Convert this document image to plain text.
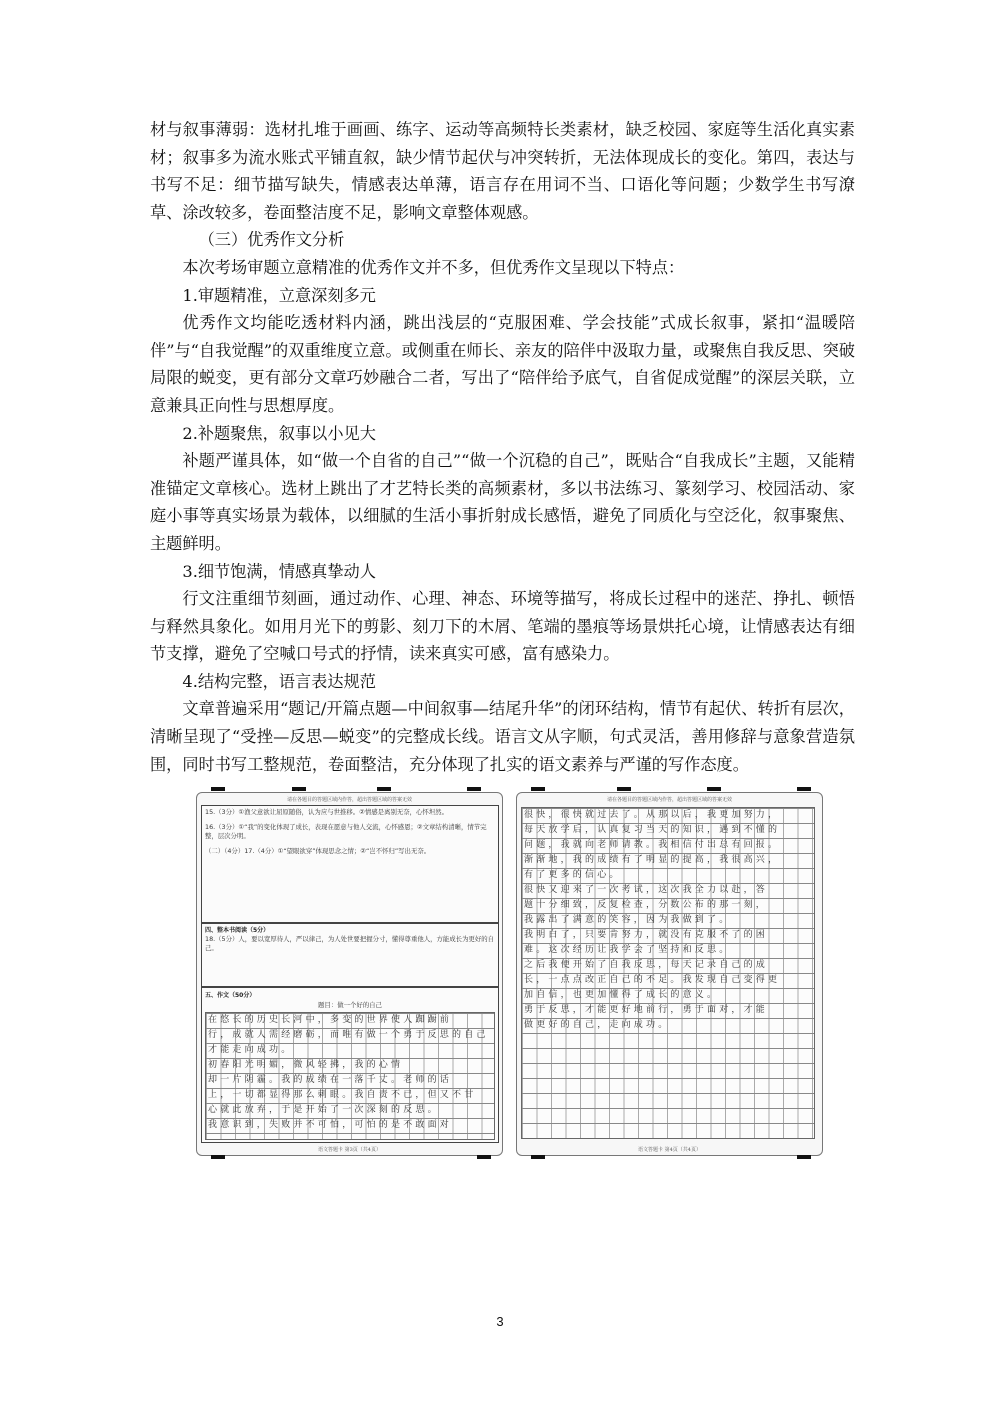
材与叙事薄弱：选材扎堆于画画、练字、运动等高频特长类素材，缺乏校园、家庭等生活化真实素材；叙事多为流水账式平铺直叙，缺少情节起伏与冲突转折，无法体现成长的变化。第四，表达与书写不足：细节描写缺失，情感表达单薄，语言存在用词不当、口语化等问题；少数学生书写潦草、涂改较多，卷面整洁度不足，影响文章整体观感。

（三）优秀作文分析

本次考场审题立意精准的优秀作文并不多，但优秀作文呈现以下特点：

1.审题精准，立意深刻多元

优秀作文均能吃透材料内涵，跳出浅层的“克服困难、学会技能”式成长叙事，紧扣“温暖陪伴”与“自我觉醒”的双重维度立意。或侧重在师长、亲友的陪伴中汲取力量，或聚焦自我反思、突破局限的蜕变，更有部分文章巧妙融合二者，写出了“陪伴给予底气，自省促成觉醒”的深层关联，立意兼具正向性与思想厚度。

2.补题聚焦，叙事以小见大

补题严谨具体，如“做一个自省的自己”“做一个沉稳的自己”，既贴合“自我成长”主题，又能精准锚定文章核心。选材上跳出了才艺特长类的高频素材，多以书法练习、篆刻学习、校园活动、家庭小事等真实场景为载体，以细腻的生活小事折射成长感悟，避免了同质化与空泛化，叙事聚焦、主题鲜明。

3.细节饱满，情感真挚动人

行文注重细节刻画，通过动作、心理、神态、环境等描写，将成长过程中的迷茫、挣扎、顿悟与释然具象化。如用月光下的剪影、刻刀下的木屑、笔端的墨痕等场景烘托心境，让情感表达有细节支撑，避免了空喊口号式的抒情，读来真实可感，富有感染力。

4.结构完整，语言表达规范

文章普遍采用“题记/开篇点题—中间叙事—结尾升华”的闭环结构，情节有起伏、转折有层次，清晰呈现了“受挫—反思—蜕变”的完整成长线。语言文从字顺，句式灵活，善用修辞与意象营造氛围，同时书写工整规范，卷面整洁，充分体现了扎实的语文素养与严谨的写作态度。

请在各题目的答题区域内作答，超出答题区域的答案无效
15.（3分）①渔父意欲让屈原随俗，认为应与世推移。②情感是离别无奈，心怀坦然。
16.（3分）①“我”的变化体现了成长，表现在愿意与他人交流，心怀感恩；②文章结构清晰，情节完整，层次分明。
（二）（4分）17.（4分）①“望眼欲穿”体现思念之情；②“岂不怀归”写出无奈。
四、整本书阅读（5分）
18.（5分）人，要以宽厚待人，严以律己，为人处世要把握分寸，懂得尊重他人，方能成长为更好的自己。
五、作文（50分）
题目：做一个好的自己
在悠长的历史长河中，多变的世界使人踟蹰前
行，成就人需经磨砺，而唯有做一个勇于反思的自己
才能走向成功。
初春阳光明媚，微风轻拂，我的心情
却一片阴霾。我的成绩在一落千丈。老师的话
上，一切都显得那么刺眼。我自责不已，但又不甘
心就此放弃，于是开始了一次深刻的反思。
我意识到，失败并不可怕，可怕的是不敢面对
语文答题卡 第3页（共4页）
请在各题目的答题区域内作答，超出答题区域的答案无效
很快，很快就过去了。从那以后，我更加努力，
每天放学后，认真复习当天的知识，遇到不懂的
问题，我就向老师请教。我相信付出总有回报。
渐渐地，我的成绩有了明显的提高，我很高兴，
有了更多的信心。
很快又迎来了一次考试，这次我全力以赴，答
题十分细致，反复检查，分数公布的那一刻，
我露出了满意的笑容，因为我做到了。
我明白了，只要肯努力，就没有克服不了的困
难。这次经历让我学会了坚持和反思。
之后我便开始了自我反思，每天记录自己的成
长，一点点改正自己的不足。我发现自己变得更
加自信，也更加懂得了成长的意义。
勇于反思，才能更好地前行，勇于面对，才能
做更好的自己，走向成功。
语文答题卡 第4页（共4页）
3
